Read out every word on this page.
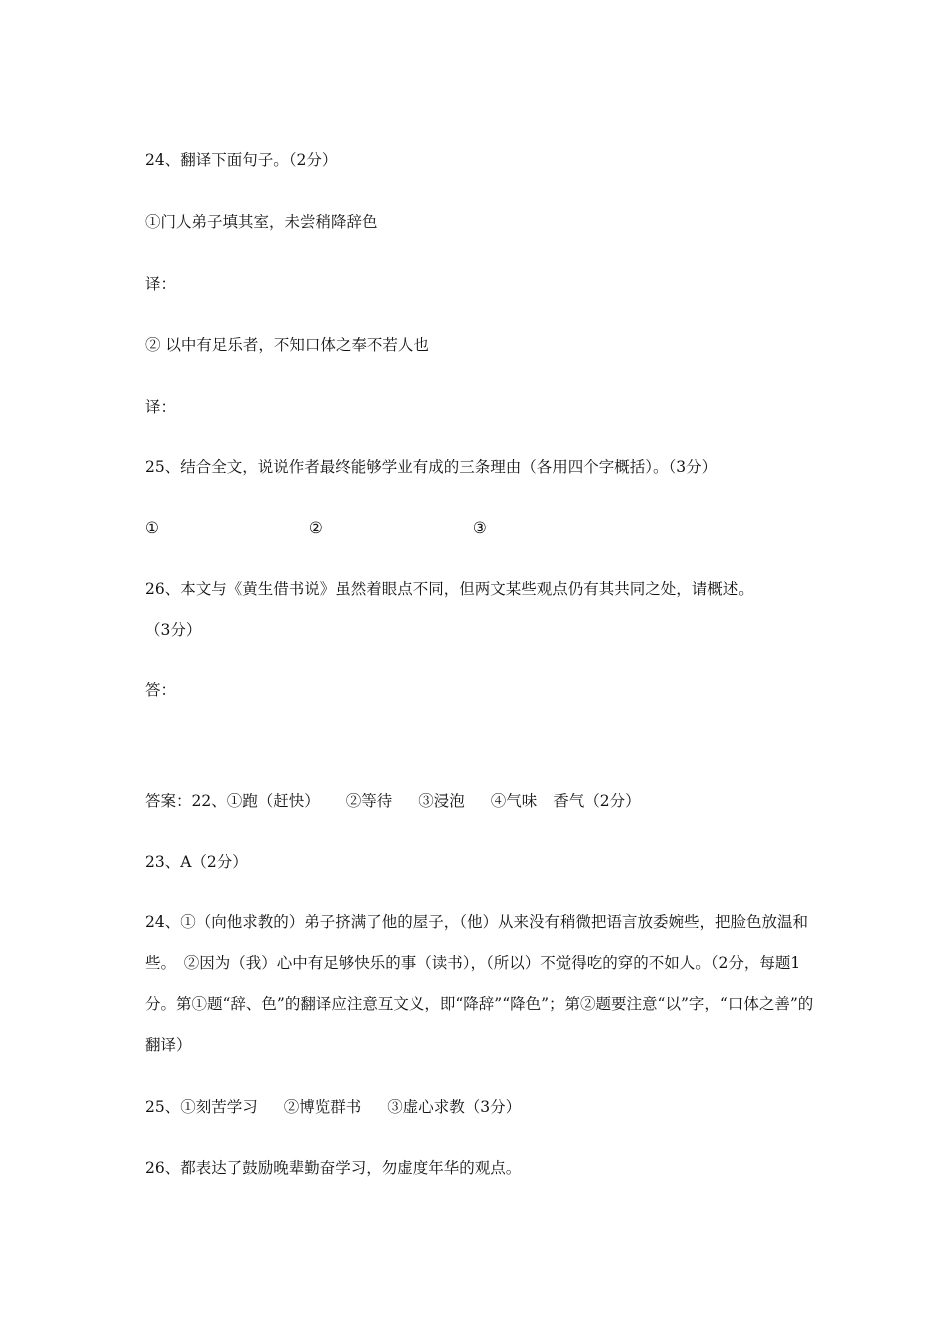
24、翻译下面句子。（2分）
①门人弟子填其室，未尝稍降辞色
译：
② 以中有足乐者，不知口体之奉不若人也
译：
25、结合全文，说说作者最终能够学业有成的三条理由（各用四个字概括）。（3分）
①	②	③
26、本文与《黄生借书说》虽然着眼点不同，但两文某些观点仍有其共同之处，请概述。
（3分）
答：
答案：22、①跑（赶快） ②等待 ③浸泡 ④气味 香气（2分）
23、A（2分）
24、①（向他求教的）弟子挤满了他的屋子，（他）从来没有稍微把语言放委婉些，把脸色放温和些。　②因为（我）心中有足够快乐的事（读书），（所以）不觉得吃的穿的不如人。（2分，每题1分。第①题“辞、色”的翻译应注意互文义，即“降辞”“降色”；第②题要注意“以”字，“口体之善”的翻译）
25、①刻苦学习 ②博览群书 ③虚心求教（3分）
26、都表达了鼓励晚辈勤奋学习，勿虚度年华的观点。
